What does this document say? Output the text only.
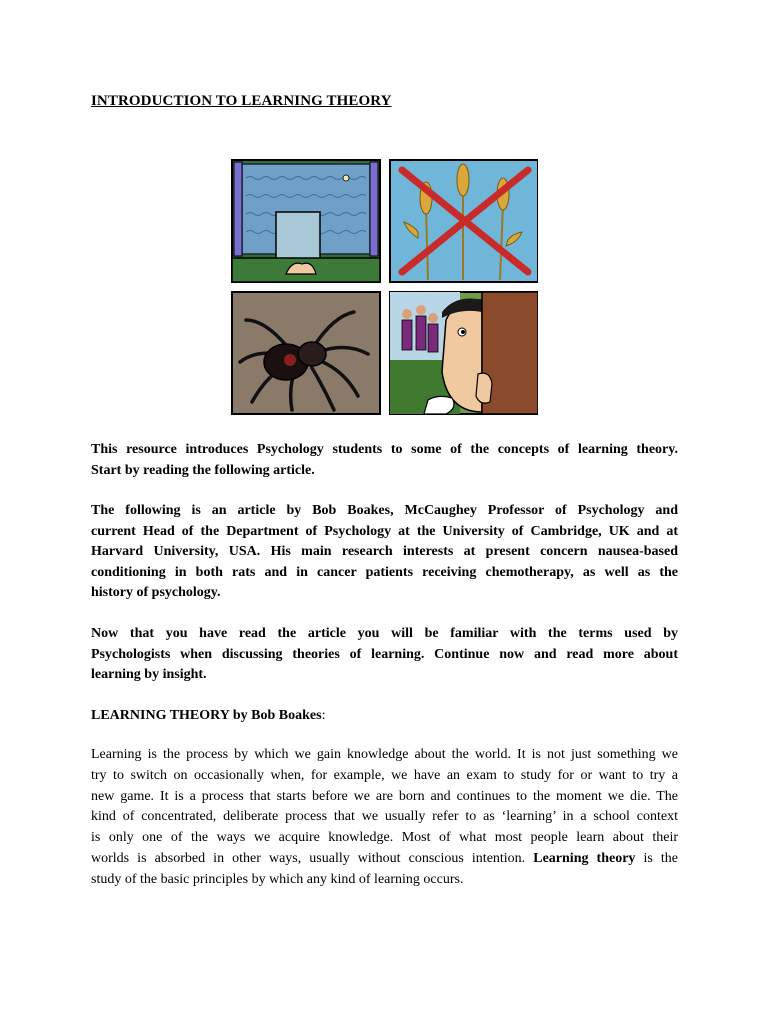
INTRODUCTION TO LEARNING THEORY
This resource introduces Psychology students to some of the concepts of learning theory.
Start by reading the following article.
The following is an article by Bob Boakes, McCaughey Professor of Psychology and
current Head of the Department of Psychology at the University of Cambridge, UK and at
Harvard University, USA. His main research interests at present concern nausea-based
conditioning in both rats and in cancer patients receiving chemotherapy, as well as the
history of psychology.
Now that you have read the article you will be familiar with the terms used by
Psychologists when discussing theories of learning. Continue now and read more about
learning by insight.
LEARNING THEORY by Bob Boakes:
Learning is the process by which we gain knowledge about the world. It is not just something we
try to switch on occasionally when, for example, we have an exam to study for or want to try a
new game. It is a process that starts before we are born and continues to the moment we die. The
kind of concentrated, deliberate process that we usually refer to as ‘learning’ in a school context
is only one of the ways we acquire knowledge. Most of what most people learn about their
worlds is absorbed in other ways, usually without conscious intention. Learning theory is the
study of the basic principles by which any kind of learning occurs.
